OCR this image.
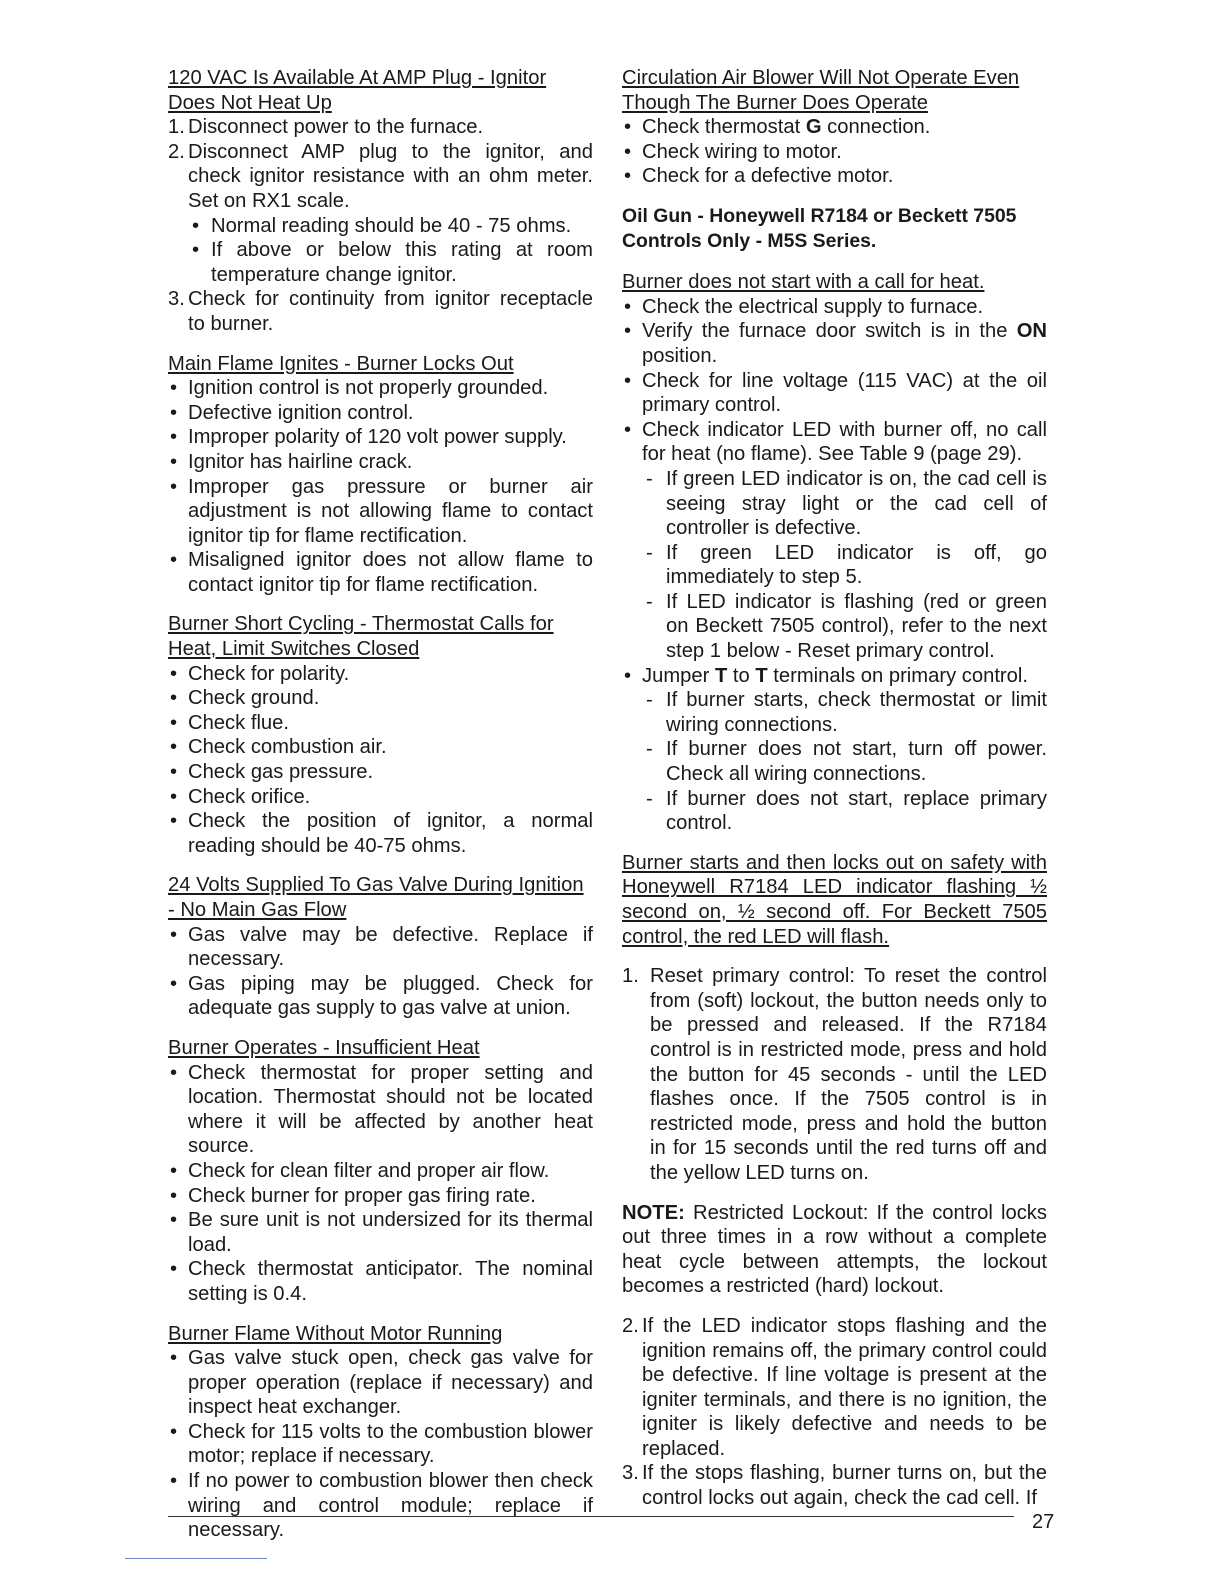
120 VAC Is Available At AMP Plug - Ignitor Does Not Heat Up
1. Disconnect power to the furnace.
2. Disconnect AMP plug to the ignitor, and check ignitor resistance with an ohm meter. Set on RX1 scale.
• Normal reading should be 40 - 75 ohms.
• If above or below this rating at room temperature change ignitor.
3. Check for continuity from ignitor receptacle to burner.
Main Flame Ignites - Burner Locks Out
• Ignition control is not properly grounded.
• Defective ignition control.
• Improper polarity of 120 volt power supply.
• Ignitor has hairline crack.
• Improper gas pressure or burner air adjustment is not allowing flame to contact ignitor tip for flame rectification.
• Misaligned ignitor does not allow flame to contact ignitor tip for flame rectification.
Burner Short Cycling - Thermostat Calls for Heat, Limit Switches Closed
• Check for polarity.
• Check ground.
• Check flue.
• Check combustion air.
• Check gas pressure.
• Check orifice.
• Check the position of ignitor, a normal reading should be 40-75 ohms.
24 Volts Supplied To Gas Valve During Ignition - No Main Gas Flow
• Gas valve may be defective. Replace if necessary.
• Gas piping may be plugged. Check for adequate gas supply to gas valve at union.
Burner Operates - Insufficient Heat
• Check thermostat for proper setting and location. Thermostat should not be located where it will be affected by another heat source.
• Check for clean filter and proper air flow.
• Check burner for proper gas firing rate.
• Be sure unit is not undersized for its thermal load.
• Check thermostat anticipator. The nominal setting is 0.4.
Burner Flame Without Motor Running
• Gas valve stuck open, check gas valve for proper operation (replace if necessary) and inspect heat exchanger.
• Check for 115 volts to the combustion blower motor; replace if necessary.
• If no power to combustion blower then check wiring and control module; replace if necessary.
Circulation Air Blower Will Not Operate Even Though The Burner Does Operate
• Check thermostat G connection.
• Check wiring to motor.
• Check for a defective motor.
Oil Gun - Honeywell R7184 or Beckett 7505 Controls Only - M5S Series.
Burner does not start with a call for heat.
• Check the electrical supply to furnace.
• Verify the furnace door switch is in the ON position.
• Check for line voltage (115 VAC) at the oil primary control.
• Check indicator LED with burner off, no call for heat (no flame). See Table 9 (page 29).
- If green LED indicator is on, the cad cell is seeing stray light or the cad cell of controller is defective.
- If green LED indicator is off, go immediately to step 5.
- If LED indicator is flashing (red or green on Beckett 7505 control), refer to the next step 1 below - Reset primary control.
• Jumper T to T terminals on primary control.
- If burner starts, check thermostat or limit wiring connections.
- If burner does not start, turn off power. Check all wiring connections.
- If burner does not start, replace primary control.
Burner starts and then locks out on safety with Honeywell R7184 LED indicator flashing ½ second on, ½ second off. For Beckett 7505 control, the red LED will flash.
1. Reset primary control: To reset the control from (soft) lockout, the button needs only to be pressed and released. If the R7184 control is in restricted mode, press and hold the button for 45 seconds - until the LED flashes once. If the 7505 control is in restricted mode, press and hold the button in for 15 seconds until the red turns off and the yellow LED turns on.
NOTE: Restricted Lockout: If the control locks out three times in a row without a complete heat cycle between attempts, the lockout becomes a restricted (hard) lockout.
2. If the LED indicator stops flashing and the ignition remains off, the primary control could be defective. If line voltage is present at the igniter terminals, and there is no ignition, the igniter is likely defective and needs to be replaced.
3. If the stops flashing, burner turns on, but the control locks out again, check the cad cell. If
27
